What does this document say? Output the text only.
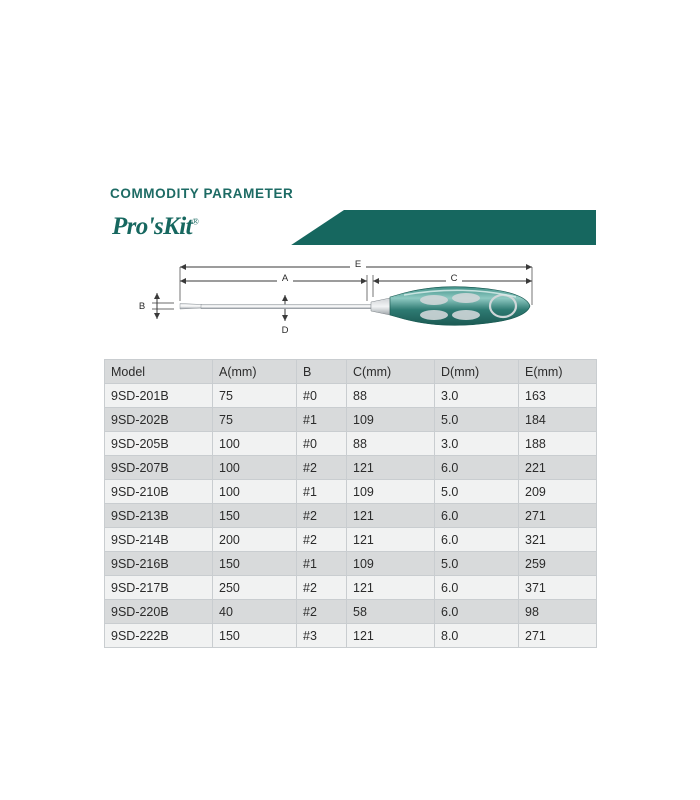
COMMODITY PARAMETER
Pro'sKit®
E
A	C
B
D
Model	A(mm)	B	C(mm)	D(mm)	E(mm)
9SD-201B	75	#0	88	3.0	163
9SD-202B	75	#1	109	5.0	184
9SD-205B	100	#0	88	3.0	188
9SD-207B	100	#2	121	6.0	221
9SD-210B	100	#1	109	5.0	209
9SD-213B	150	#2	121	6.0	271
9SD-214B	200	#2	121	6.0	321
9SD-216B	150	#1	109	5.0	259
9SD-217B	250	#2	121	6.0	371
9SD-220B	40	#2	58	6.0	98
9SD-222B	150	#3	121	8.0	271
